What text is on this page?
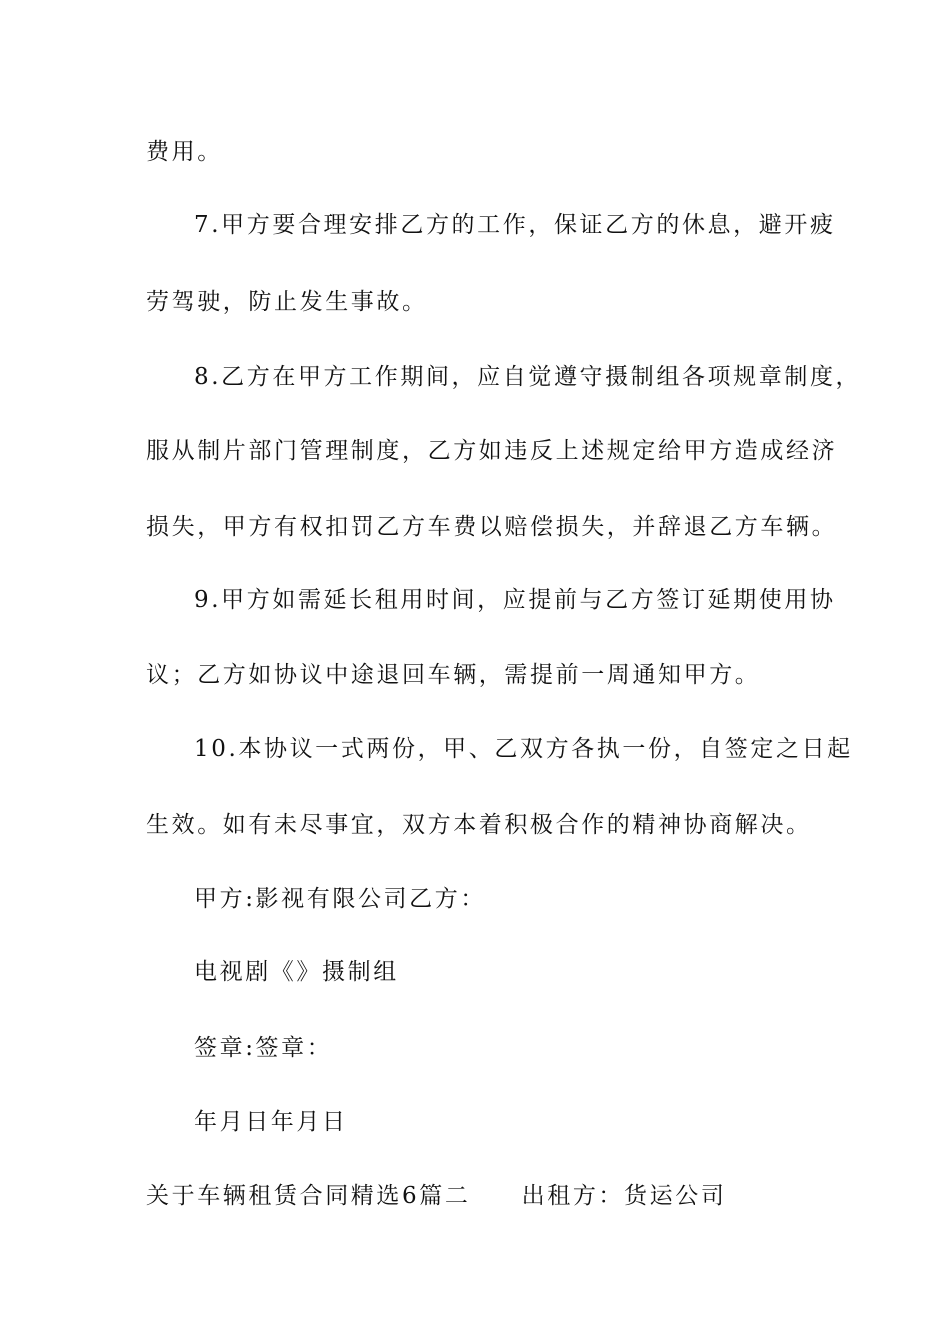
费用。
7.甲方要合理安排乙方的工作，保证乙方的休息，避开疲
劳驾驶，防止发生事故。
8.乙方在甲方工作期间，应自觉遵守摄制组各项规章制度，
服从制片部门管理制度，乙方如违反上述规定给甲方造成经济
损失，甲方有权扣罚乙方车费以赔偿损失，并辞退乙方车辆。
9.甲方如需延长租用时间，应提前与乙方签订延期使用协
议；乙方如协议中途退回车辆，需提前一周通知甲方。
10.本协议一式两份，甲、乙双方各执一份，自签定之日起
生效。如有未尽事宜，双方本着积极合作的精神协商解决。
甲方:影视有限公司乙方：
电视剧《》摄制组
签章:签章：
年月日年月日
关于车辆租赁合同精选6篇二　　出租方：货运公司
